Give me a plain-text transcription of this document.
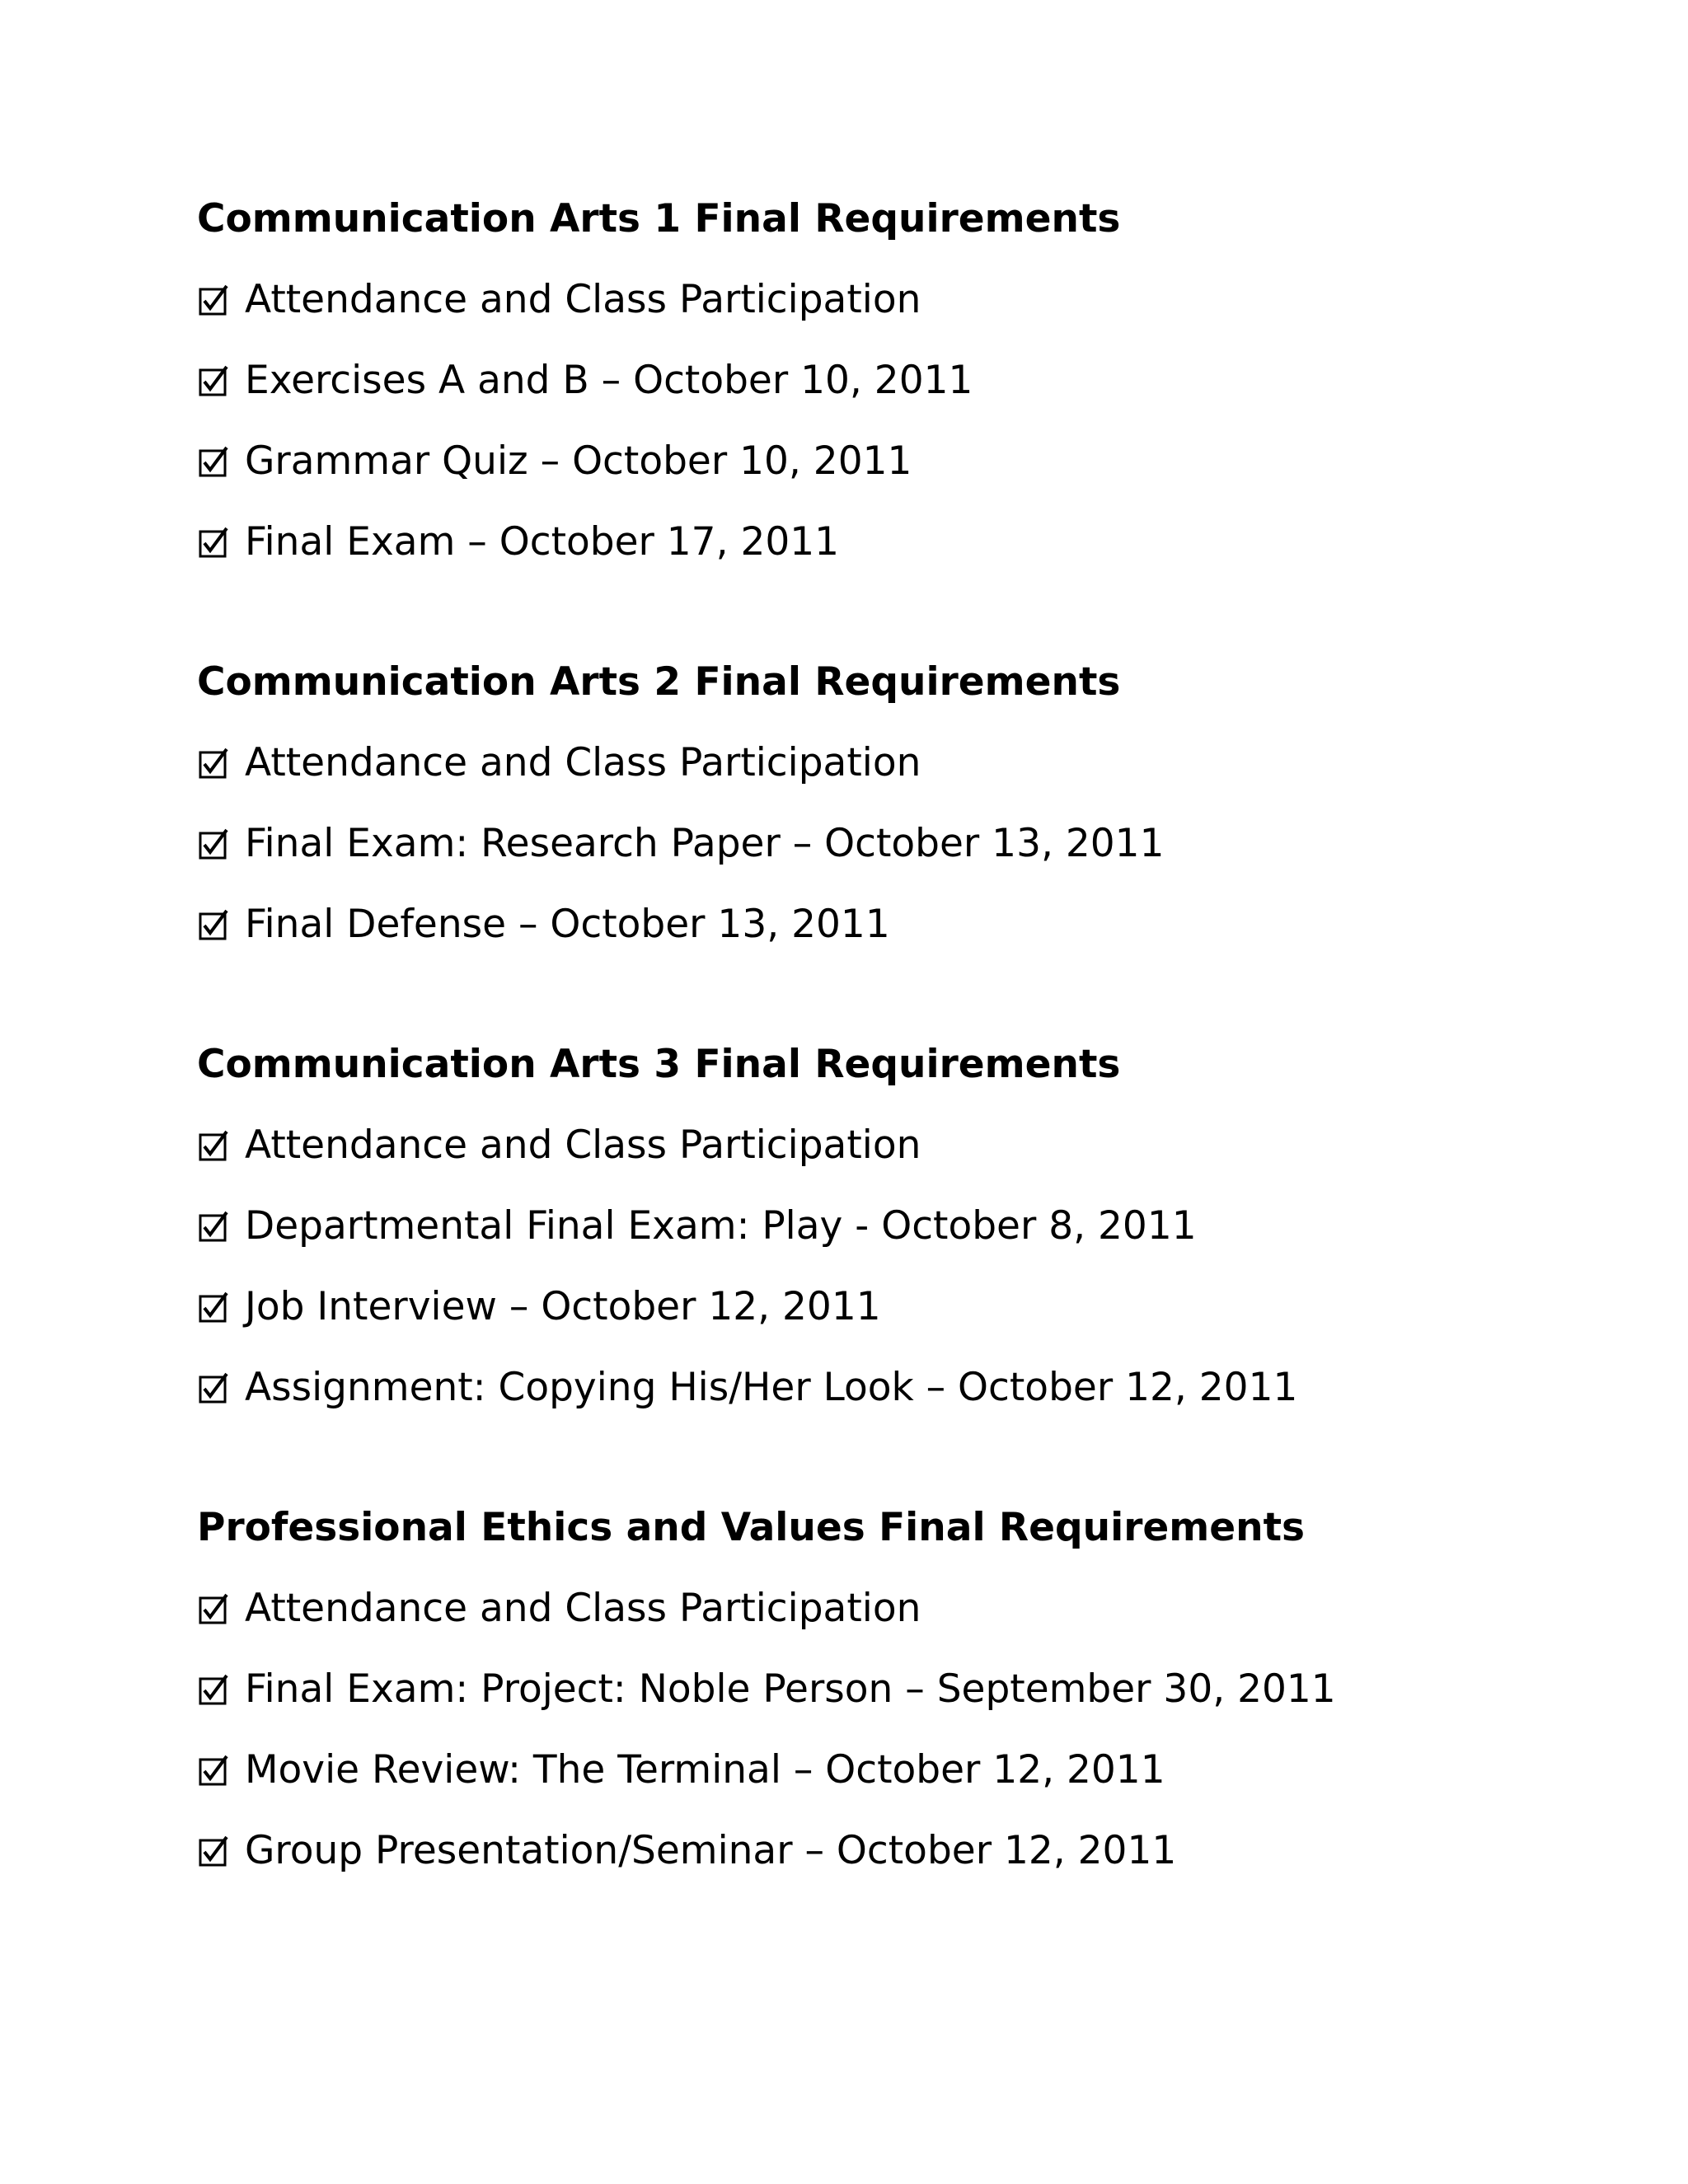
Communication Arts 1 Final Requirements
Attendance and Class Participation
Exercises A and B – October 10, 2011
Grammar Quiz – October 10, 2011
Final Exam – October 17, 2011
Communication Arts 2 Final Requirements
Attendance and Class Participation
Final Exam: Research Paper – October 13, 2011
Final Defense – October 13, 2011
Communication Arts 3 Final Requirements
Attendance and Class Participation
Departmental Final Exam: Play - October 8, 2011
Job Interview – October 12, 2011
Assignment: Copying His/Her Look – October 12, 2011
Professional Ethics and Values Final Requirements
Attendance and Class Participation
Final Exam: Project: Noble Person – September 30, 2011
Movie Review: The Terminal – October 12, 2011
Group Presentation/Seminar – October 12, 2011
